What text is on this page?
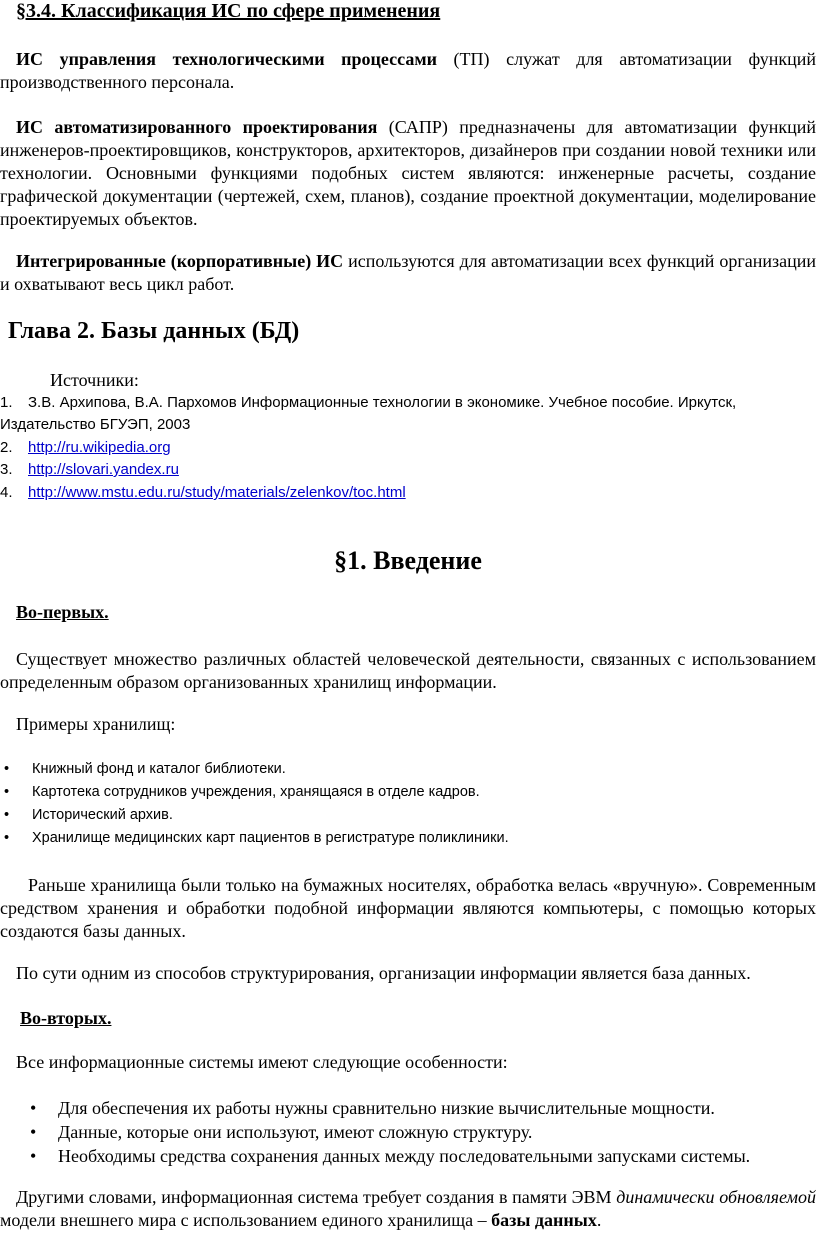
§3.4. Классификация ИС по сфере применения

ИС управления технологическими процессами (ТП) служат для автоматизации функций производственного персонала.

ИС автоматизированного проектирования (САПР) предназначены для автоматизации функций инженеров-проектировщиков, конструкторов, архитекторов, дизайнеров при создании новой техники или технологии. Основными функциями подобных систем являются: инженерные расчеты, создание графической документации (чертежей, схем, планов), создание проектной документации, моделирование проектируемых объектов.

Интегрированные (корпоративные) ИС используются для автоматизации всех функций организации и охватывают весь цикл работ.

Глава 2. Базы данных (БД)
Источники:
1. З.В. Архипова, В.А. Пархомов Информационные технологии в экономике. Учебное пособие. Иркутск,
Издательство БГУЭП, 2003
2. http://ru.wikipedia.org
3. http://slovari.yandex.ru
4. http://www.mstu.edu.ru/study/materials/zelenkov/toc.html
§1. Введение
Во-первых.

Существует множество различных областей человеческой деятельности, связанных с использованием определенным образом организованных хранилищ информации.

Примеры хранилищ:
• Книжный фонд и каталог библиотеки.
• Картотека сотрудников учреждения, хранящаяся в отделе кадров.
• Исторический архив.
• Хранилище медицинских карт пациентов в регистратуре поликлиники.

Раньше хранилища были только на бумажных носителях, обработка велась «вручную». Современным средством хранения и обработки подобной информации являются компьютеры, с помощью которых создаются базы данных.

По сути одним из способов структурирования, организации информации является база данных.

Во-вторых.
Все информационные системы имеют следующие особенности:
• Для обеспечения их работы нужны сравнительно низкие вычислительные мощности.
• Данные, которые они используют, имеют сложную структуру.
• Необходимы средства сохранения данных между последовательными запусками системы.

Другими словами, информационная система требует создания в памяти ЭВМ динамически обновляемой модели внешнего мира с использованием единого хранилища – базы данных.
